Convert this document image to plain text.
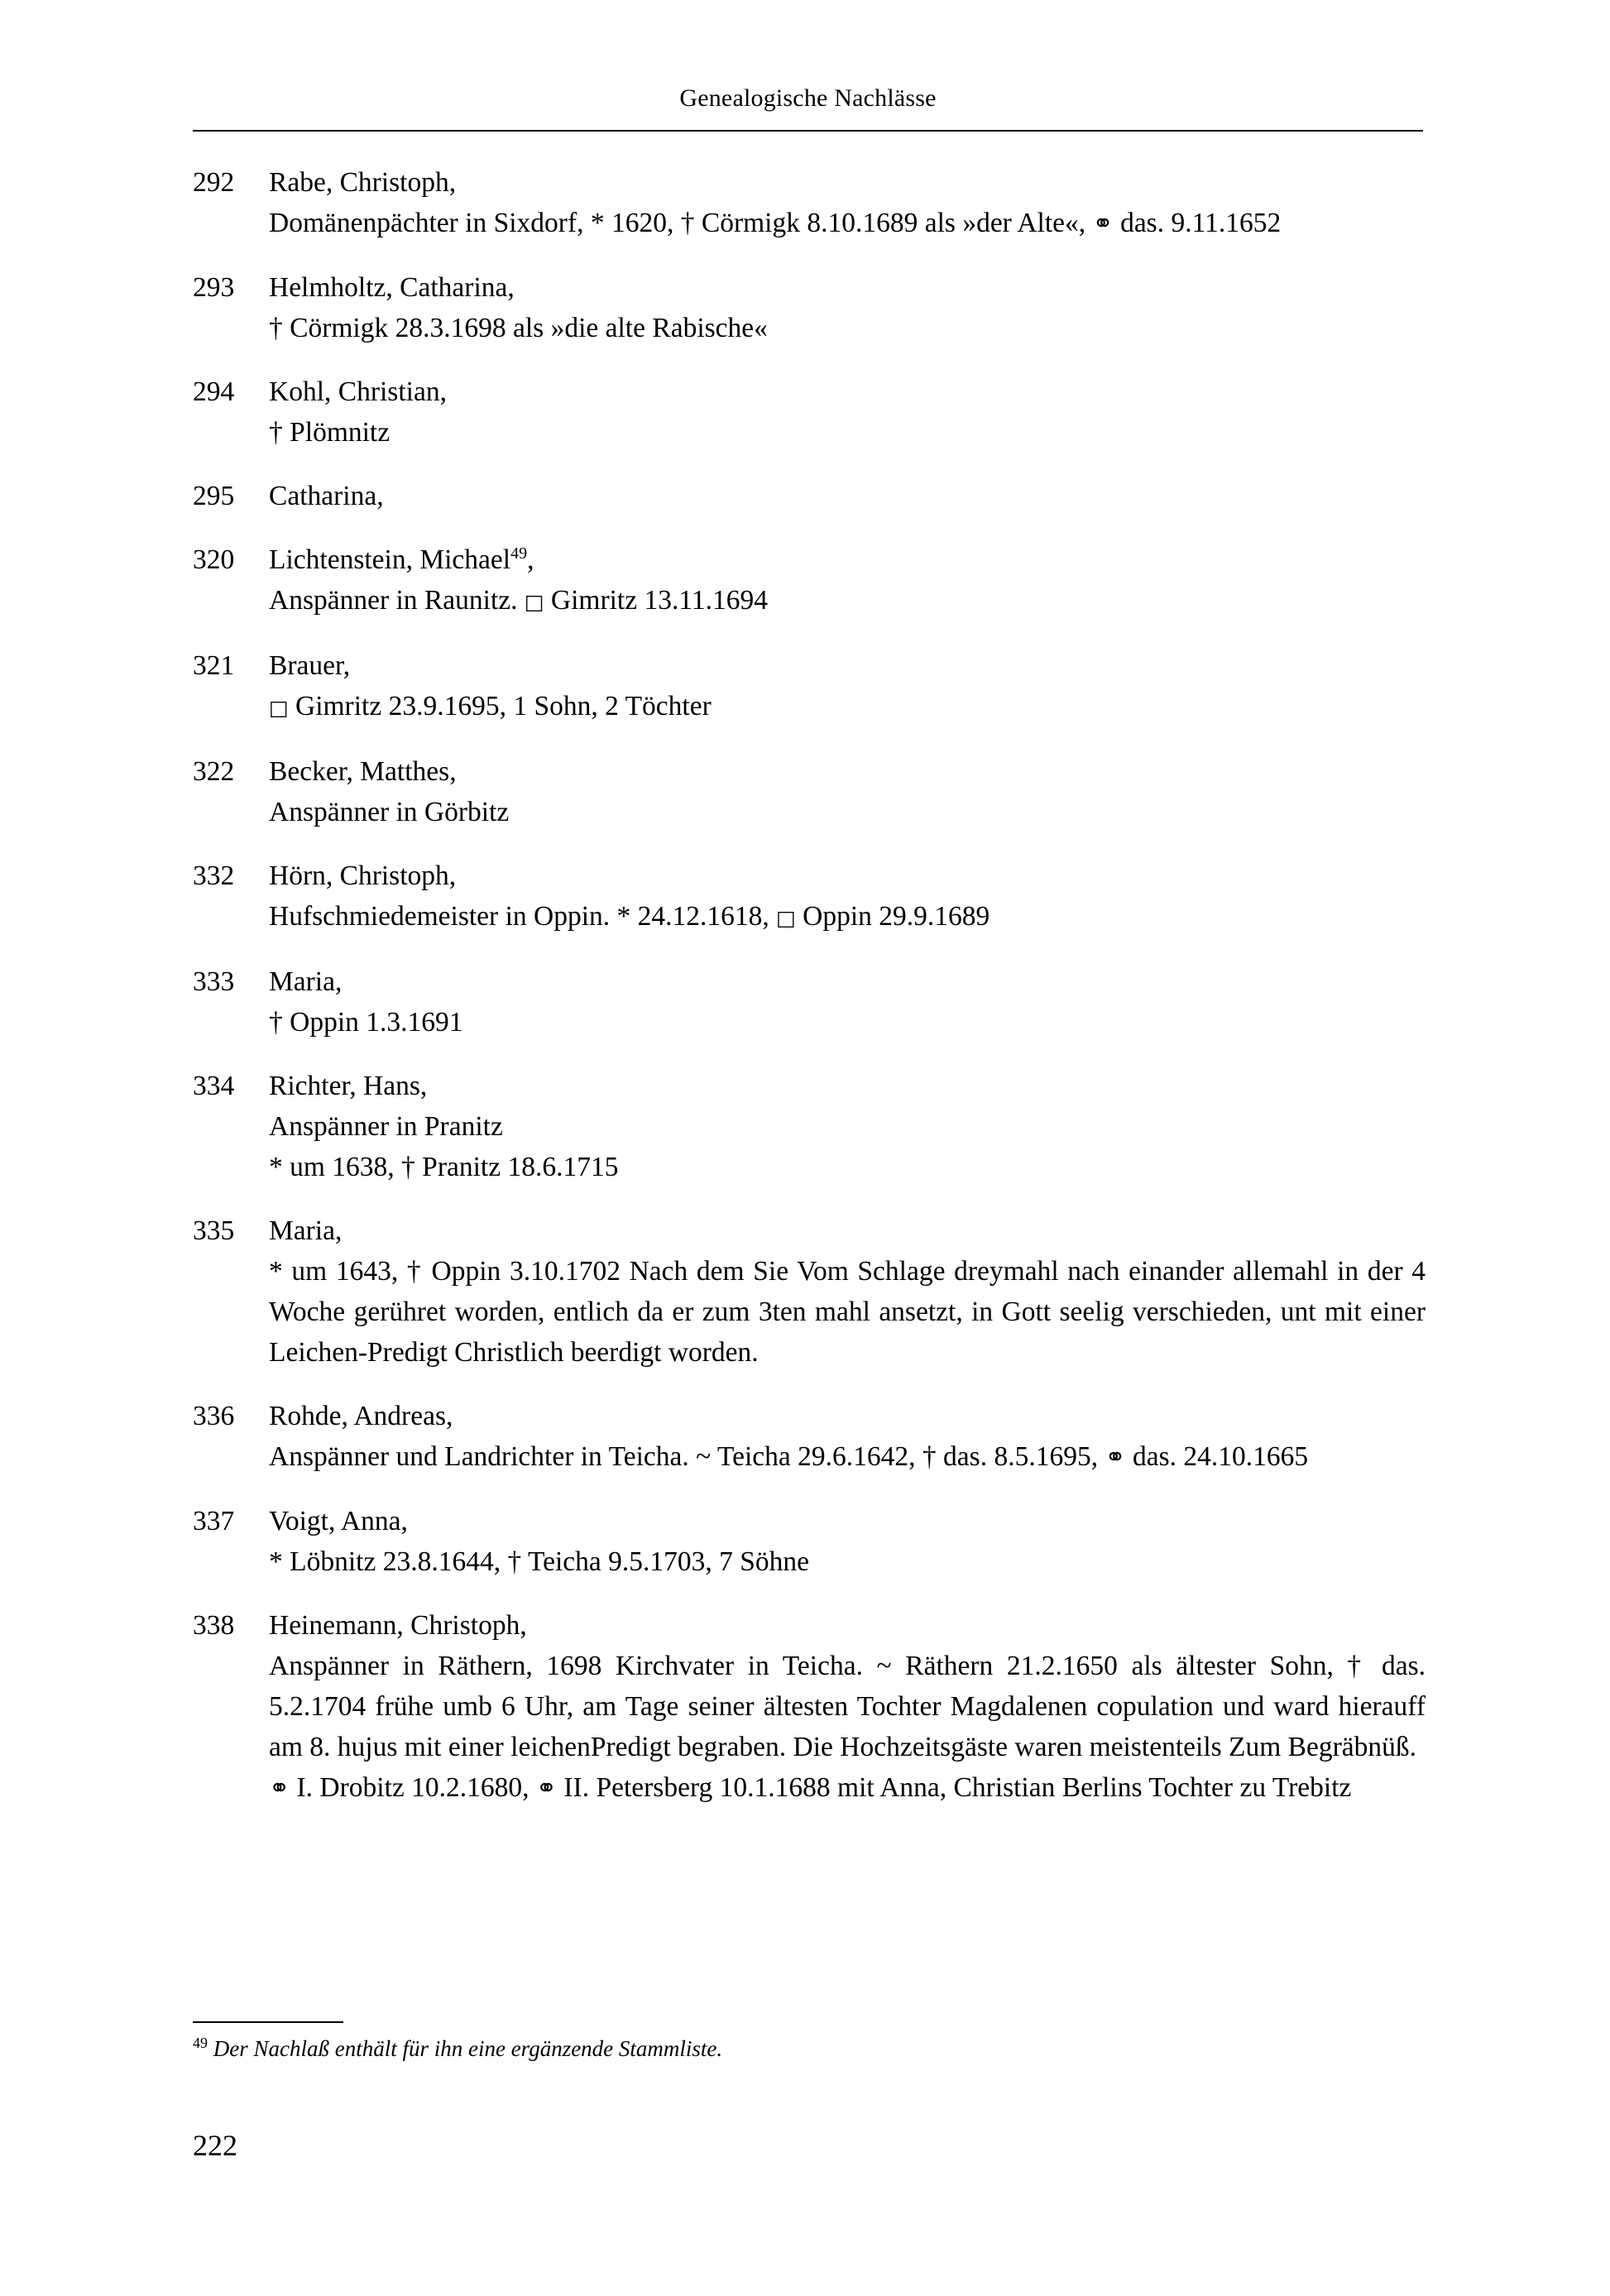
Genealogische Nachlässe
292	Rabe, Christoph,
Domänenpächter in Sixdorf, * 1620, † Cörmigk 8.10.1689 als »der Alte«, ⚭ das. 9.11.1652
293	Helmholtz, Catharina,
† Cörmigk 28.3.1698 als »die alte Rabische«
294	Kohl, Christian,
† Plömnitz
295	Catharina,
320	Lichtenstein, Michael$^{49}$,
Anspänner in Raunitz. □ Gimritz 13.11.1694
321	Brauer,
□ Gimritz 23.9.1695, 1 Sohn, 2 Töchter
322	Becker, Matthes,
Anspänner in Görbitz
332	Hörn, Christoph,
Hufschmiedemeister in Oppin. * 24.12.1618, □ Oppin 29.9.1689
333	Maria,
† Oppin 1.3.1691
334	Richter, Hans,
Anspänner in Pranitz
* um 1638, † Pranitz 18.6.1715
335	Maria,
* um 1643, † Oppin 3.10.1702 Nach dem Sie Vom Schlage dreymahl nach einander allemahl in der 4 Woche gerühret worden, entlich da er zum 3ten mahl ansetzt, in Gott seelig verschieden, unt mit einer Leichen-Predigt Christlich beerdigt worden.
336	Rohde, Andreas,
Anspänner und Landrichter in Teicha. ~ Teicha 29.6.1642, † das. 8.5.1695, ⚭ das. 24.10.1665
337	Voigt, Anna,
* Löbnitz 23.8.1644, † Teicha 9.5.1703, 7 Söhne
338	Heinemann, Christoph,
Anspänner in Räthern, 1698 Kirchvater in Teicha. ~ Räthern 21.2.1650 als ältester Sohn, † das. 5.2.1704 frühe umb 6 Uhr, am Tage seiner ältesten Tochter Magdalenen copulation und ward hierauff am 8. hujus mit einer leichenPredigt begraben. Die Hochzeitsgäste waren meistenteils Zum Begräbnüß.
⚭ I. Drobitz 10.2.1680, ⚭ II. Petersberg 10.1.1688 mit Anna, Christian Berlins Tochter zu Trebitz
$^{49}$ Der Nachlaß enthält für ihn eine ergänzende Stammliste.
222
